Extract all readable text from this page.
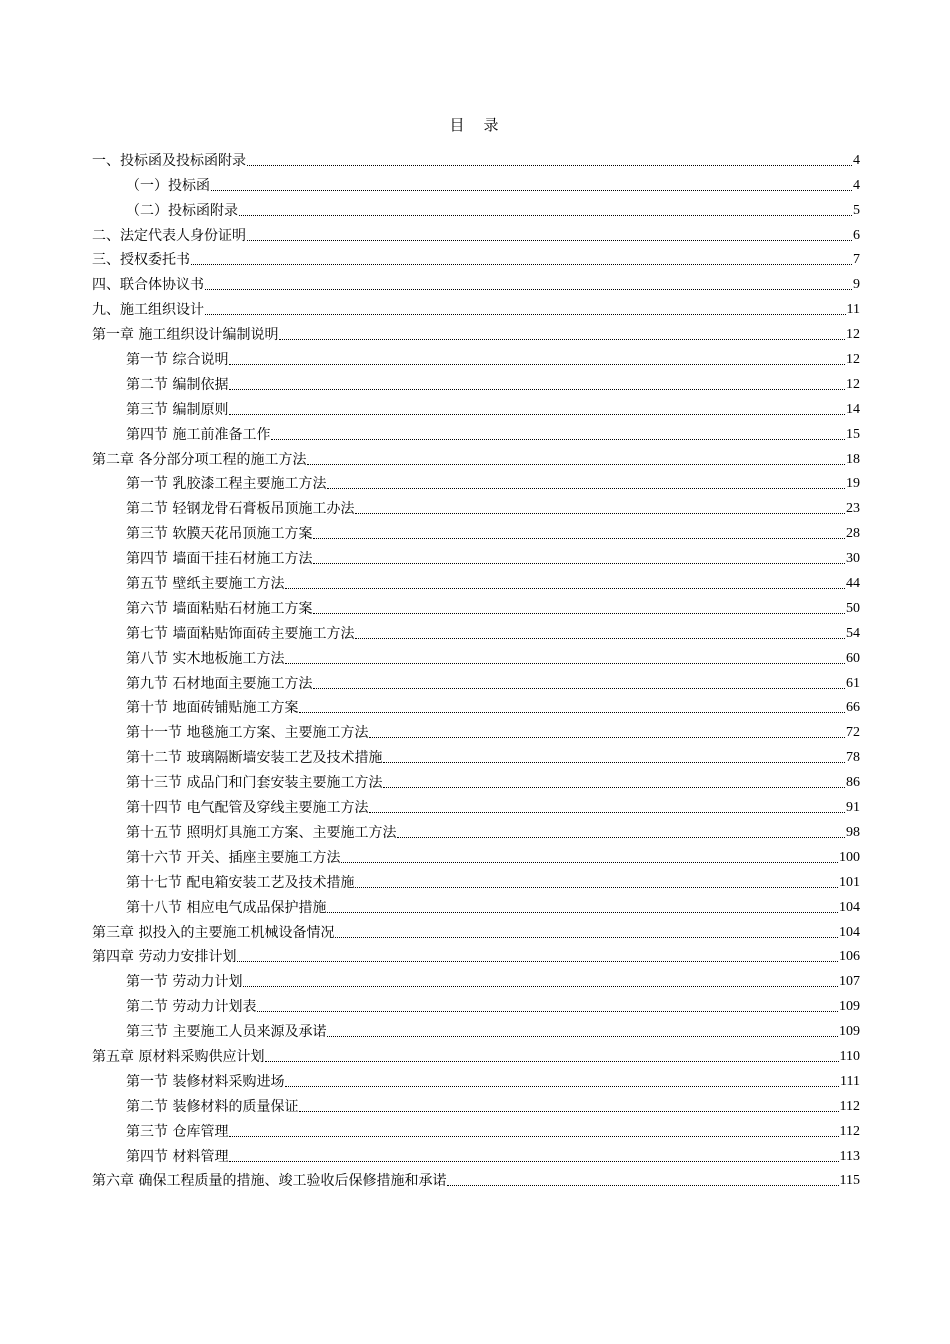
目　录
一、投标函及投标函附录	4
（一）投标函	4
（二）投标函附录	5
二、法定代表人身份证明	6
三、授权委托书	7
四、联合体协议书	9
九、施工组织设计	11
第一章 施工组织设计编制说明	12
第一节 综合说明	12
第二节 编制依据	12
第三节 编制原则	14
第四节 施工前准备工作	15
第二章 各分部分项工程的施工方法	18
第一节 乳胶漆工程主要施工方法	19
第二节 轻钢龙骨石膏板吊顶施工办法	23
第三节 软膜天花吊顶施工方案	28
第四节 墙面干挂石材施工方法	30
第五节 壁纸主要施工方法	44
第六节 墙面粘贴石材施工方案	50
第七节 墙面粘贴饰面砖主要施工方法	54
第八节 实木地板施工方法	60
第九节 石材地面主要施工方法	61
第十节 地面砖铺贴施工方案	66
第十一节 地毯施工方案、主要施工方法	72
第十二节 玻璃隔断墙安装工艺及技术措施	78
第十三节 成品门和门套安装主要施工方法	86
第十四节 电气配管及穿线主要施工方法	91
第十五节 照明灯具施工方案、主要施工方法	98
第十六节 开关、插座主要施工方法	100
第十七节 配电箱安装工艺及技术措施	101
第十八节 相应电气成品保护措施	104
第三章 拟投入的主要施工机械设备情况	104
第四章 劳动力安排计划	106
第一节 劳动力计划	107
第二节 劳动力计划表	109
第三节 主要施工人员来源及承诺	109
第五章 原材料采购供应计划	110
第一节 装修材料采购进场	111
第二节 装修材料的质量保证	112
第三节 仓库管理	112
第四节 材料管理	113
第六章 确保工程质量的措施、竣工验收后保修措施和承诺	115
